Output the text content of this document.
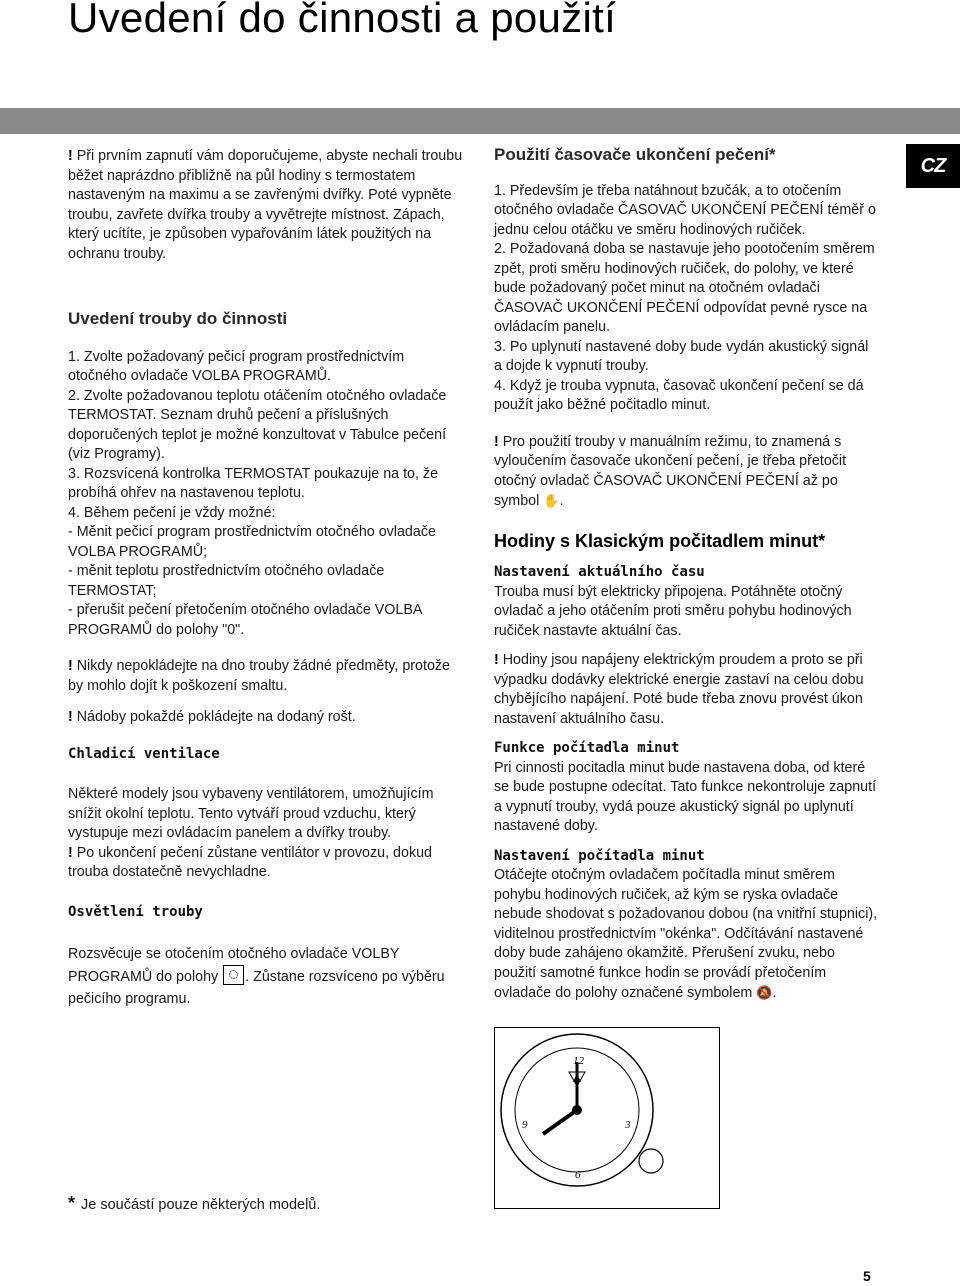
Uvedení do činnosti a použití
CZ

! Při prvním zapnutí vám doporučujeme, abyste nechali troubu běžet naprázdno přibližně na půl hodiny s termostatem nastaveným na maximu a se zavřenými dvířky. Poté vypněte troubu, zavřete dvířka trouby a vyvětrejte místnost. Zápach, který ucítíte, je způsoben vypařováním látek použitých na ochranu trouby.

Uvedení trouby do činnosti

1. Zvolte požadovaný pečicí program prostřednictvím otočného ovladače VOLBA PROGRAMŮ.

2. Zvolte požadovanou teplotu otáčením otočného ovladače TERMOSTAT. Seznam druhů pečení a příslušných doporučených teplot je možné konzultovat v Tabulce pečení (viz Programy).

3. Rozsvícená kontrolka TERMOSTAT poukazuje na to, že probíhá ohřev na nastavenou teplotu.

4. Během pečení je vždy možné:

- Měnit pečicí program prostřednictvím otočného ovladače VOLBA PROGRAMŮ;

- měnit teplotu prostřednictvím otočného ovladače TERMOSTAT;

- přerušit pečení přetočením otočného ovladače VOLBA PROGRAMŮ do polohy "0".

! Nikdy nepokládejte na dno trouby žádné předměty, protože by mohlo dojít k poškození smaltu.

! Nádoby pokaždé pokládejte na dodaný rošt.

Chladicí ventilace

Některé modely jsou vybaveny ventilátorem, umožňujícím snížit okolní teplotu. Tento vytváří proud vzduchu, který vystupuje mezi ovládacím panelem a dvířky trouby.

! Po ukončení pečení zůstane ventilátor v provozu, dokud trouba dostatečně nevychladne.

Osvětlení trouby

Rozsvěcuje se otočením otočného ovladače VOLBY PROGRAMŮ do polohy . Zůstane rozsvíceno po výběru pečicího programu.

Použití časovače ukončení pečení*

1. Především je třeba natáhnout bzučák, a to otočením otočného ovladače ČASOVAČ UKONČENÍ PEČENÍ téměř o jednu celou otáčku ve směru hodinových ručiček.

2. Požadovaná doba se nastavuje jeho pootočením směrem zpět, proti směru hodinových ručiček, do polohy, ve které bude požadovaný počet minut na otočném ovladači ČASOVAČ UKONČENÍ PEČENÍ odpovídat pevné rysce na ovládacím panelu.

3. Po uplynutí nastavené doby bude vydán akustický signál a dojde k vypnutí trouby.

4. Když je trouba vypnuta, časovač ukončení pečení se dá použít jako běžné počitadlo minut.

! Pro použití trouby v manuálním režimu, to znamená s vyloučením časovače ukončení pečení, je třeba přetočit otočný ovladač ČASOVAČ UKONČENÍ PEČENÍ až po symbol ✋.

Hodiny s Klasickým počitadlem minut*
Nastavení aktuálního času

Trouba musí být elektricky připojena. Potáhněte otočný ovladač a jeho otáčením proti směru pohybu hodinových ručiček nastavte aktuální čas.

! Hodiny jsou napájeny elektrickým proudem a proto se při výpadku dodávky elektrické energie zastaví na celou dobu chybějícího napájení. Poté bude třeba znovu provést úkon nastavení aktuálního času.

Funkce počítadla minut

Pri cinnosti pocitadla minut bude nastavena doba, od které se bude postupne odecítat. Tato funkce nekontroluje zapnutí a vypnutí trouby, vydá pouze akustický signál po uplynutí nastavené doby.

Nastavení počítadla minut

Otáčejte otočným ovladačem počítadla minut směrem pohybu hodinových ručiček, až kým se ryska ovladače nebude shodovat s požadovanou dobou (na vnitřní stupnici), viditelnou prostřednictvím "okénka". Odčítávání nastavené doby bude zahájeno okamžitě. Přerušení zvuku, nebo použití samotné funkce hodin se provádí přetočením ovladače do polohy označené symbolem 🔕.

12
3
6
9
* Je součástí pouze některých modelů.
5
